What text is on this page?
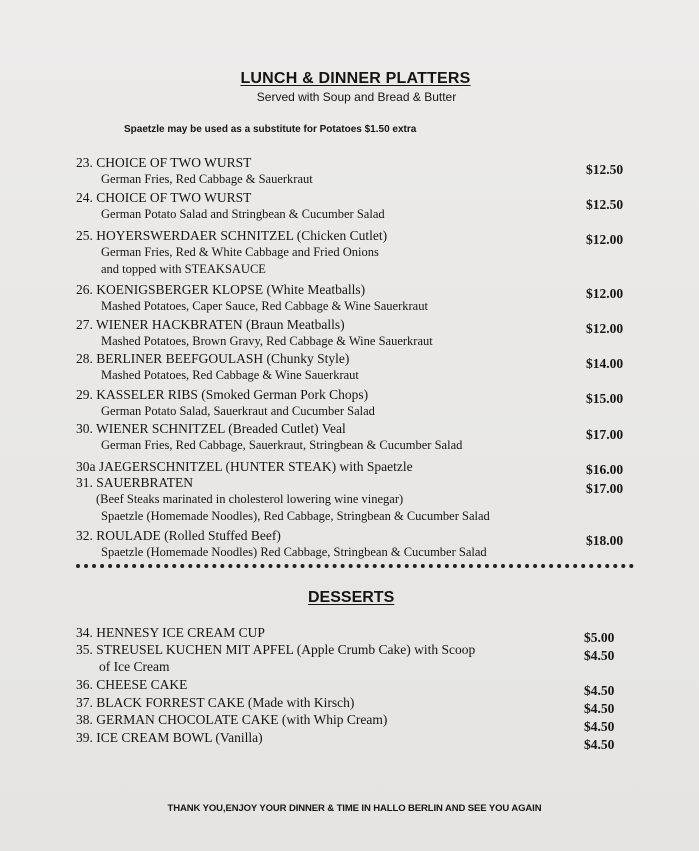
LUNCH & DINNER PLATTERS
Served with Soup and Bread & Butter
Spaetzle may be used as a substitute for Potatoes $1.50 extra
23. CHOICE OF TWO WURST
German Fries, Red Cabbage & Sauerkraut
$12.50
24. CHOICE OF TWO WURST
German Potato Salad and Stringbean & Cucumber Salad
$12.50
25. HOYERSWERDAER SCHNITZEL (Chicken Cutlet)
German Fries, Red & White Cabbage and Fried Onions
and topped with STEAKSAUCE
$12.00
26. KOENIGSBERGER KLOPSE (White Meatballs)
Mashed Potatoes, Caper Sauce, Red Cabbage & Wine Sauerkraut
$12.00
27. WIENER HACKBRATEN (Braun Meatballs)
Mashed Potatoes, Brown Gravy, Red Cabbage & Wine Sauerkraut
$12.00
28. BERLINER BEEFGOULASH (Chunky Style)
Mashed Potatoes, Red Cabbage & Wine Sauerkraut
$14.00
29. KASSELER RIBS (Smoked German Pork Chops)
German Potato Salad, Sauerkraut and Cucumber Salad
$15.00
30. WIENER SCHNITZEL (Breaded Cutlet) Veal
German Fries, Red Cabbage, Sauerkraut, Stringbean & Cucumber Salad
$17.00
30a JAEGERSCHNITZEL (HUNTER STEAK) with Spaetzle	$16.00
31. SAUERBRATEN
(Beef Steaks marinated in cholesterol lowering wine vinegar)
Spaetzle (Homemade Noodles), Red Cabbage, Stringbean & Cucumber Salad
$17.00
32. ROULADE (Rolled Stuffed Beef)
Spaetzle (Homemade Noodles) Red Cabbage, Stringbean & Cucumber Salad
$18.00
DESSERTS
34. HENNESY ICE CREAM CUP	$5.00
35. STREUSEL KUCHEN MIT APFEL (Apple Crumb Cake) with Scoop
of Ice Cream
$4.50
36. CHEESE CAKE	$4.50
37. BLACK FORREST CAKE (Made with Kirsch)	$4.50
38. GERMAN CHOCOLATE CAKE (with Whip Cream)	$4.50
39. ICE CREAM BOWL (Vanilla)	$4.50
THANK YOU,ENJOY YOUR DINNER & TIME IN HALLO BERLIN AND SEE YOU AGAIN
